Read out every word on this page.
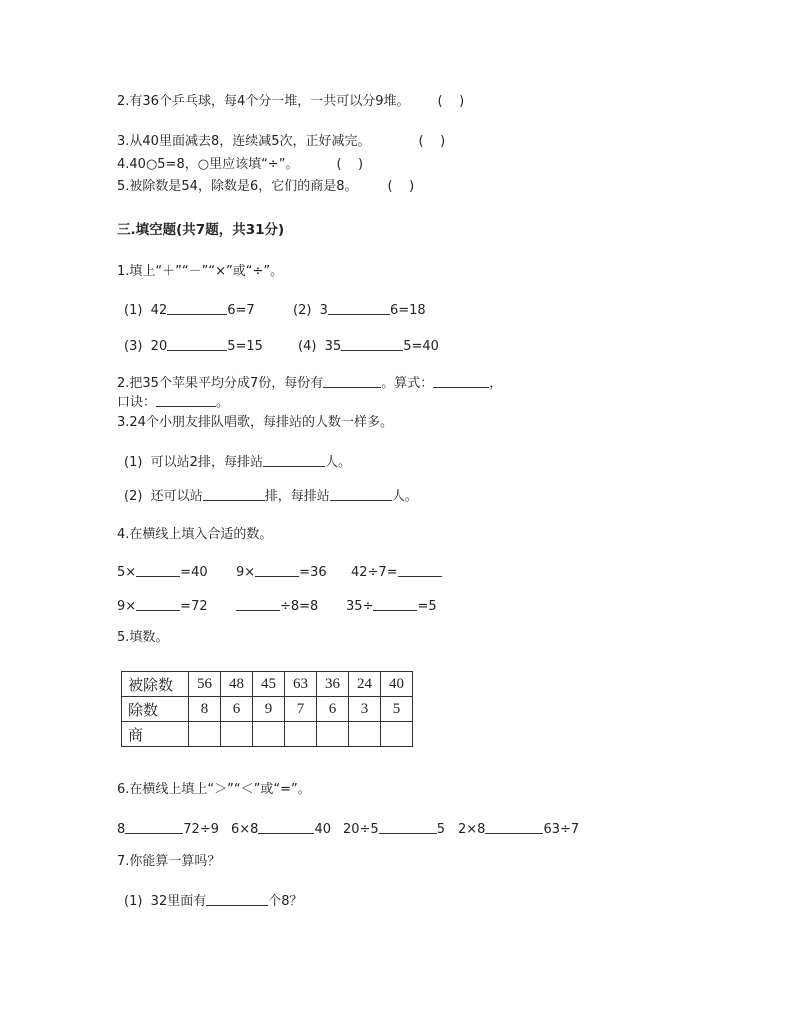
2.有36个乒乓球，每4个分一堆，一共可以分9堆。 (    )
3.从40里面减去8，连续减5次，正好减完。	(    )
4.40○5=8，○里应该填“÷”。	(    )
5.被除数是54，除数是6，它们的商是8。 (    )
三.填空题(共7题，共31分)
1.填上“＋”“－”“×”或“÷”。
(1)  42	6=7	(2)  3	6=18
(3)  20	5=15	(4)  35	5=40
2.把35个苹果平均分成7份，每份有	。算式：	，
口诀：	。
3.24个小朋友排队唱歌，每排站的人数一样多。
(1)  可以站2排，每排站	人。
(2)  还可以站	排，每排站	人。
4.在横线上填入合适的数。
5×	=40 9×	=36 42÷7=
9×	=72	÷8=8 35÷	=5
5.填数。
被除数	56	48	45	63	36	24	40
除数	8	6	9	7	6	3	5
商							
6.在横线上填上“＞”“＜”或“=”。
8	72÷9 6×8	40 20÷5	5 2×8	63÷7
7.你能算一算吗？
(1)  32里面有	个8？
